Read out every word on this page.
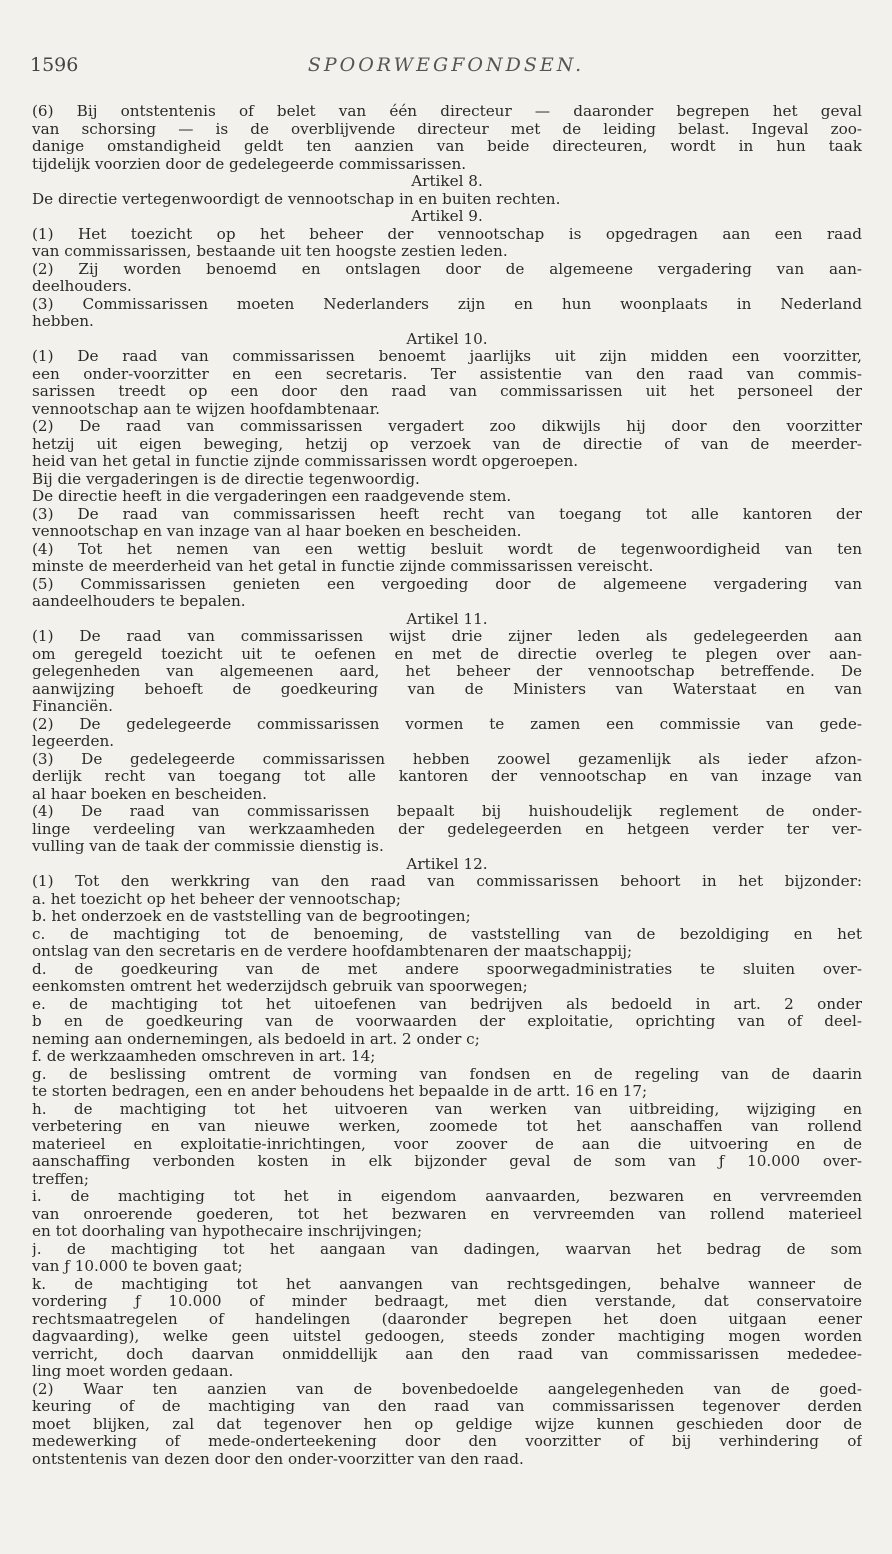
1596	SPOORWEGFONDSEN.
(6) Bij ontstentenis of belet van één directeur — daaronder begrepen het geval
van schorsing — is de overblijvende directeur met de leiding belast. Ingeval zoo-
danige omstandigheid geldt ten aanzien van beide directeuren, wordt in hun taak
tijdelijk voorzien door de gedelegeerde commissarissen.
Artikel 8.
De directie vertegenwoordigt de vennootschap in en buiten rechten.
Artikel 9.
(1) Het toezicht op het beheer der vennootschap is opgedragen aan een raad
van commissarissen, bestaande uit ten hoogste zestien leden.
(2) Zij worden benoemd en ontslagen door de algemeene vergadering van aan-
deelhouders.
(3) Commissarissen moeten Nederlanders zijn en hun woonplaats in Nederland
hebben.
Artikel 10.
(1) De raad van commissarissen benoemt jaarlijks uit zijn midden een voorzitter,
een onder-voorzitter en een secretaris. Ter assistentie van den raad van commis-
sarissen treedt op een door den raad van commissarissen uit het personeel der
vennootschap aan te wijzen hoofdambtenaar.
(2) De raad van commissarissen vergadert zoo dikwijls hij door den voorzitter
hetzij uit eigen beweging, hetzij op verzoek van de directie of van de meerder-
heid van het getal in functie zijnde commissarissen wordt opgeroepen.
Bij die vergaderingen is de directie tegenwoordig.
De directie heeft in die vergaderingen een raadgevende stem.
(3) De raad van commissarissen heeft recht van toegang tot alle kantoren der
vennootschap en van inzage van al haar boeken en bescheiden.
(4) Tot het nemen van een wettig besluit wordt de tegenwoordigheid van ten
minste de meerderheid van het getal in functie zijnde commissarissen vereischt.
(5) Commissarissen genieten een vergoeding door de algemeene vergadering van
aandeelhouders te bepalen.
Artikel 11.
(1) De raad van commissarissen wijst drie zijner leden als gedelegeerden aan
om geregeld toezicht uit te oefenen en met de directie overleg te plegen over aan-
gelegenheden van algemeenen aard, het beheer der vennootschap betreffende. De
aanwijzing behoeft de goedkeuring van de Ministers van Waterstaat en van
Financiën.
(2) De gedelegeerde commissarissen vormen te zamen een commissie van gede-
legeerden.
(3) De gedelegeerde commissarissen hebben zoowel gezamenlijk als ieder afzon-
derlijk recht van toegang tot alle kantoren der vennootschap en van inzage van
al haar boeken en bescheiden.
(4) De raad van commissarissen bepaalt bij huishoudelijk reglement de onder-
linge verdeeling van werkzaamheden der gedelegeerden en hetgeen verder ter ver-
vulling van de taak der commissie dienstig is.
Artikel 12.
(1) Tot den werkkring van den raad van commissarissen behoort in het bijzonder:
a. het toezicht op het beheer der vennootschap;
b. het onderzoek en de vaststelling van de begrootingen;
c. de machtiging tot de benoeming, de vaststelling van de bezoldiging en het
ontslag van den secretaris en de verdere hoofdambtenaren der maatschappij;
d. de goedkeuring van de met andere spoorwegadministraties te sluiten over-
eenkomsten omtrent het wederzijdsch gebruik van spoorwegen;
e. de machtiging tot het uitoefenen van bedrijven als bedoeld in art. 2 onder
b en de goedkeuring van de voorwaarden der exploitatie, oprichting van of deel-
neming aan ondernemingen, als bedoeld in art. 2 onder c;
f. de werkzaamheden omschreven in art. 14;
g. de beslissing omtrent de vorming van fondsen en de regeling van de daarin
te storten bedragen, een en ander behoudens het bepaalde in de artt. 16 en 17;
h. de machtiging tot het uitvoeren van werken van uitbreiding, wijziging en
verbetering en van nieuwe werken, zoomede tot het aanschaffen van rollend
materieel en exploitatie-inrichtingen, voor zoover de aan die uitvoering en de
aanschaffing verbonden kosten in elk bijzonder geval de som van ƒ 10.000 over-
treffen;
i. de machtiging tot het in eigendom aanvaarden, bezwaren en vervreemden
van onroerende goederen, tot het bezwaren en vervreemden van rollend materieel
en tot doorhaling van hypothecaire inschrijvingen;
j. de machtiging tot het aangaan van dadingen, waarvan het bedrag de som
van ƒ 10.000 te boven gaat;
k. de machtiging tot het aanvangen van rechtsgedingen, behalve wanneer de
vordering ƒ 10.000 of minder bedraagt, met dien verstande, dat conservatoire
rechtsmaatregelen of handelingen (daaronder begrepen het doen uitgaan eener
dagvaarding), welke geen uitstel gedoogen, steeds zonder machtiging mogen worden
verricht, doch daarvan onmiddellijk aan den raad van commissarissen mededee-
ling moet worden gedaan.
(2) Waar ten aanzien van de bovenbedoelde aangelegenheden van de goed-
keuring of de machtiging van den raad van commissarissen tegenover derden
moet blijken, zal dat tegenover hen op geldige wijze kunnen geschieden door de
medewerking of mede-onderteekening door den voorzitter of bij verhindering of
ontstentenis van dezen door den onder-voorzitter van den raad.
